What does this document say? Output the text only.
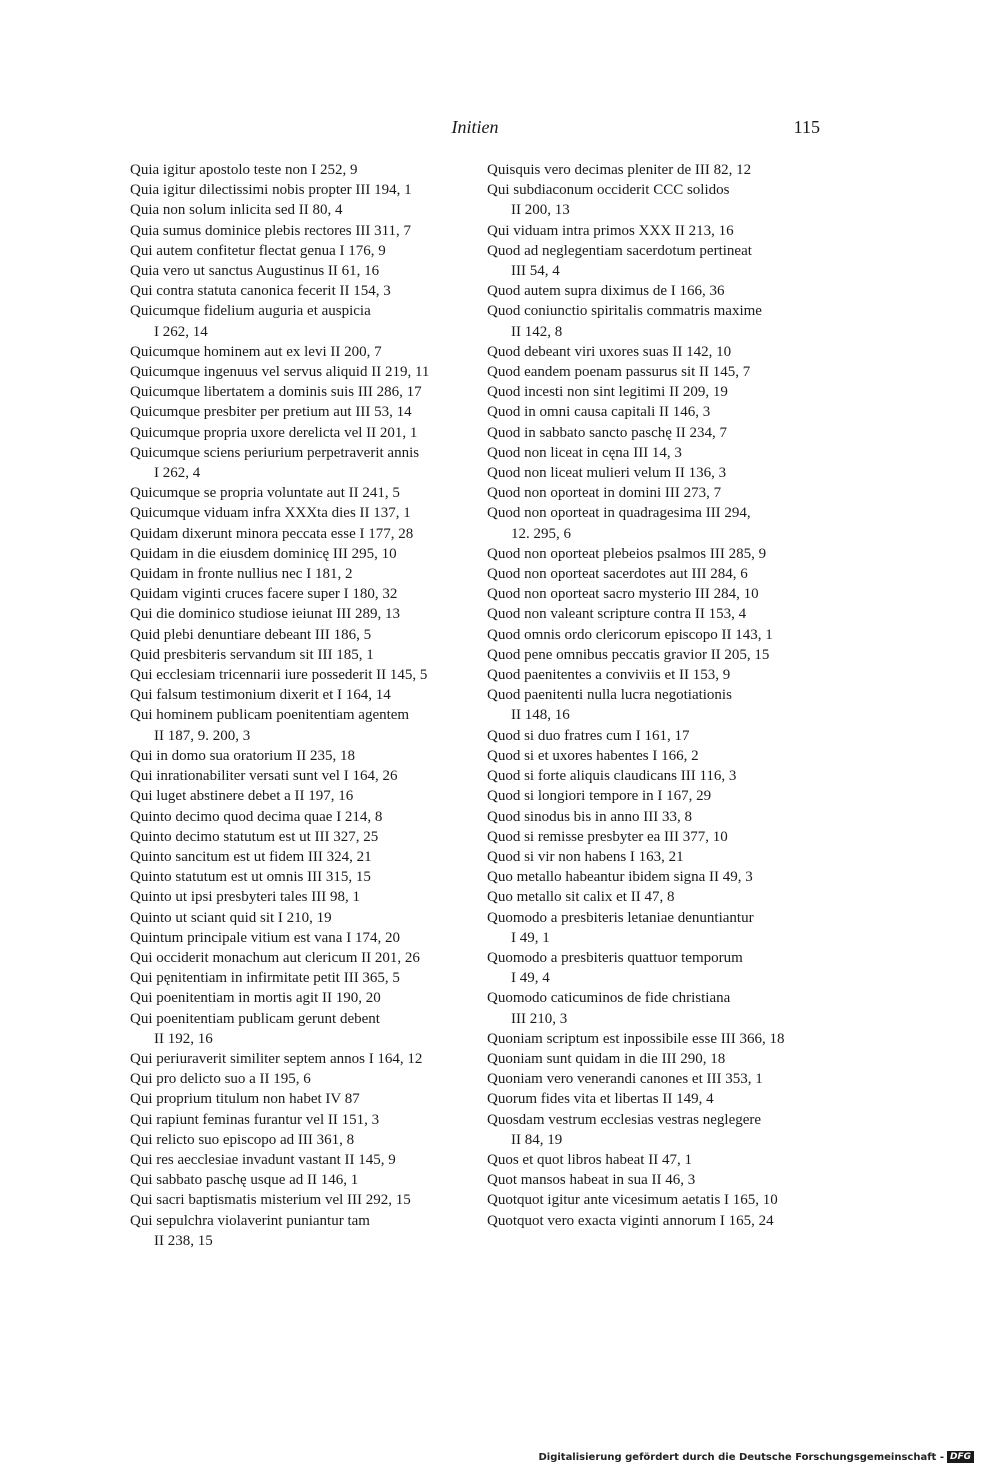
Initien	115
Quia igitur apostolo teste non I 252, 9
Quia igitur dilectissimi nobis propter III 194, 1
Quia non solum inlicita sed II 80, 4
Quia sumus dominice plebis rectores III 311, 7
Qui autem confitetur flectat genua I 176, 9
Quia vero ut sanctus Augustinus II 61, 16
Qui contra statuta canonica fecerit II 154, 3
Quicumque fidelium auguria et auspicia
I 262, 14
Quicumque hominem aut ex levi II 200, 7
Quicumque ingenuus vel servus aliquid II 219, 11
Quicumque libertatem a dominis suis III 286, 17
Quicumque presbiter per pretium aut III 53, 14
Quicumque propria uxore derelicta vel II 201, 1
Quicumque sciens periurium perpetraverit annis
I 262, 4
Quicumque se propria voluntate aut II 241, 5
Quicumque viduam infra XXXta dies II 137, 1
Quidam dixerunt minora peccata esse I 177, 28
Quidam in die eiusdem dominicę III 295, 10
Quidam in fronte nullius nec I 181, 2
Quidam viginti cruces facere super I 180, 32
Qui die dominico studiose ieiunat III 289, 13
Quid plebi denuntiare debeant III 186, 5
Quid presbiteris servandum sit III 185, 1
Qui ecclesiam tricennarii iure possederit II 145, 5
Qui falsum testimonium dixerit et I 164, 14
Qui hominem publicam poenitentiam agentem
II 187, 9. 200, 3
Qui in domo sua oratorium II 235, 18
Qui inrationabiliter versati sunt vel I 164, 26
Qui luget abstinere debet a II 197, 16
Quinto decimo quod decima quae I 214, 8
Quinto decimo statutum est ut III 327, 25
Quinto sancitum est ut fidem III 324, 21
Quinto statutum est ut omnis III 315, 15
Quinto ut ipsi presbyteri tales III 98, 1
Quinto ut sciant quid sit I 210, 19
Quintum principale vitium est vana I 174, 20
Qui occiderit monachum aut clericum II 201, 26
Qui pęnitentiam in infirmitate petit III 365, 5
Qui poenitentiam in mortis agit II 190, 20
Qui poenitentiam publicam gerunt debent
II 192, 16
Qui periuraverit similiter septem annos I 164, 12
Qui pro delicto suo a II 195, 6
Qui proprium titulum non habet IV 87
Qui rapiunt feminas furantur vel II 151, 3
Qui relicto suo episcopo ad III 361, 8
Qui res aecclesiae invadunt vastant II 145, 9
Qui sabbato paschę usque ad II 146, 1
Qui sacri baptismatis misterium vel III 292, 15
Qui sepulchra violaverint puniantur tam
II 238, 15
Quisquis vero decimas pleniter de III 82, 12
Qui subdiaconum occiderit CCC solidos
II 200, 13
Qui viduam intra primos XXX II 213, 16
Quod ad neglegentiam sacerdotum pertineat
III 54, 4
Quod autem supra diximus de I 166, 36
Quod coniunctio spiritalis commatris maxime
II 142, 8
Quod debeant viri uxores suas II 142, 10
Quod eandem poenam passurus sit II 145, 7
Quod incesti non sint legitimi II 209, 19
Quod in omni causa capitali II 146, 3
Quod in sabbato sancto paschę II 234, 7
Quod non liceat in cęna III 14, 3
Quod non liceat mulieri velum II 136, 3
Quod non oporteat in domini III 273, 7
Quod non oporteat in quadragesima III 294,
12. 295, 6
Quod non oporteat plebeios psalmos III 285, 9
Quod non oporteat sacerdotes aut III 284, 6
Quod non oporteat sacro mysterio III 284, 10
Quod non valeant scripture contra II 153, 4
Quod omnis ordo clericorum episcopo II 143, 1
Quod pene omnibus peccatis gravior II 205, 15
Quod paenitentes a conviviis et II 153, 9
Quod paenitenti nulla lucra negotiationis
II 148, 16
Quod si duo fratres cum I 161, 17
Quod si et uxores habentes I 166, 2
Quod si forte aliquis claudicans III 116, 3
Quod si longiori tempore in I 167, 29
Quod sinodus bis in anno III 33, 8
Quod si remisse presbyter ea III 377, 10
Quod si vir non habens I 163, 21
Quo metallo habeantur ibidem signa II 49, 3
Quo metallo sit calix et II 47, 8
Quomodo a presbiteris letaniae denuntiantur
I 49, 1
Quomodo a presbiteris quattuor temporum
I 49, 4
Quomodo caticuminos de fide christiana
III 210, 3
Quoniam scriptum est inpossibile esse III 366, 18
Quoniam sunt quidam in die III 290, 18
Quoniam vero venerandi canones et III 353, 1
Quorum fides vita et libertas II 149, 4
Quosdam vestrum ecclesias vestras neglegere
II 84, 19
Quos et quot libros habeat II 47, 1
Quot mansos habeat in sua II 46, 3
Quotquot igitur ante vicesimum aetatis I 165, 10
Quotquot vero exacta viginti annorum I 165, 24
Digitalisierung gefördert durch die Deutsche Forschungsgemeinschaft - DFG
